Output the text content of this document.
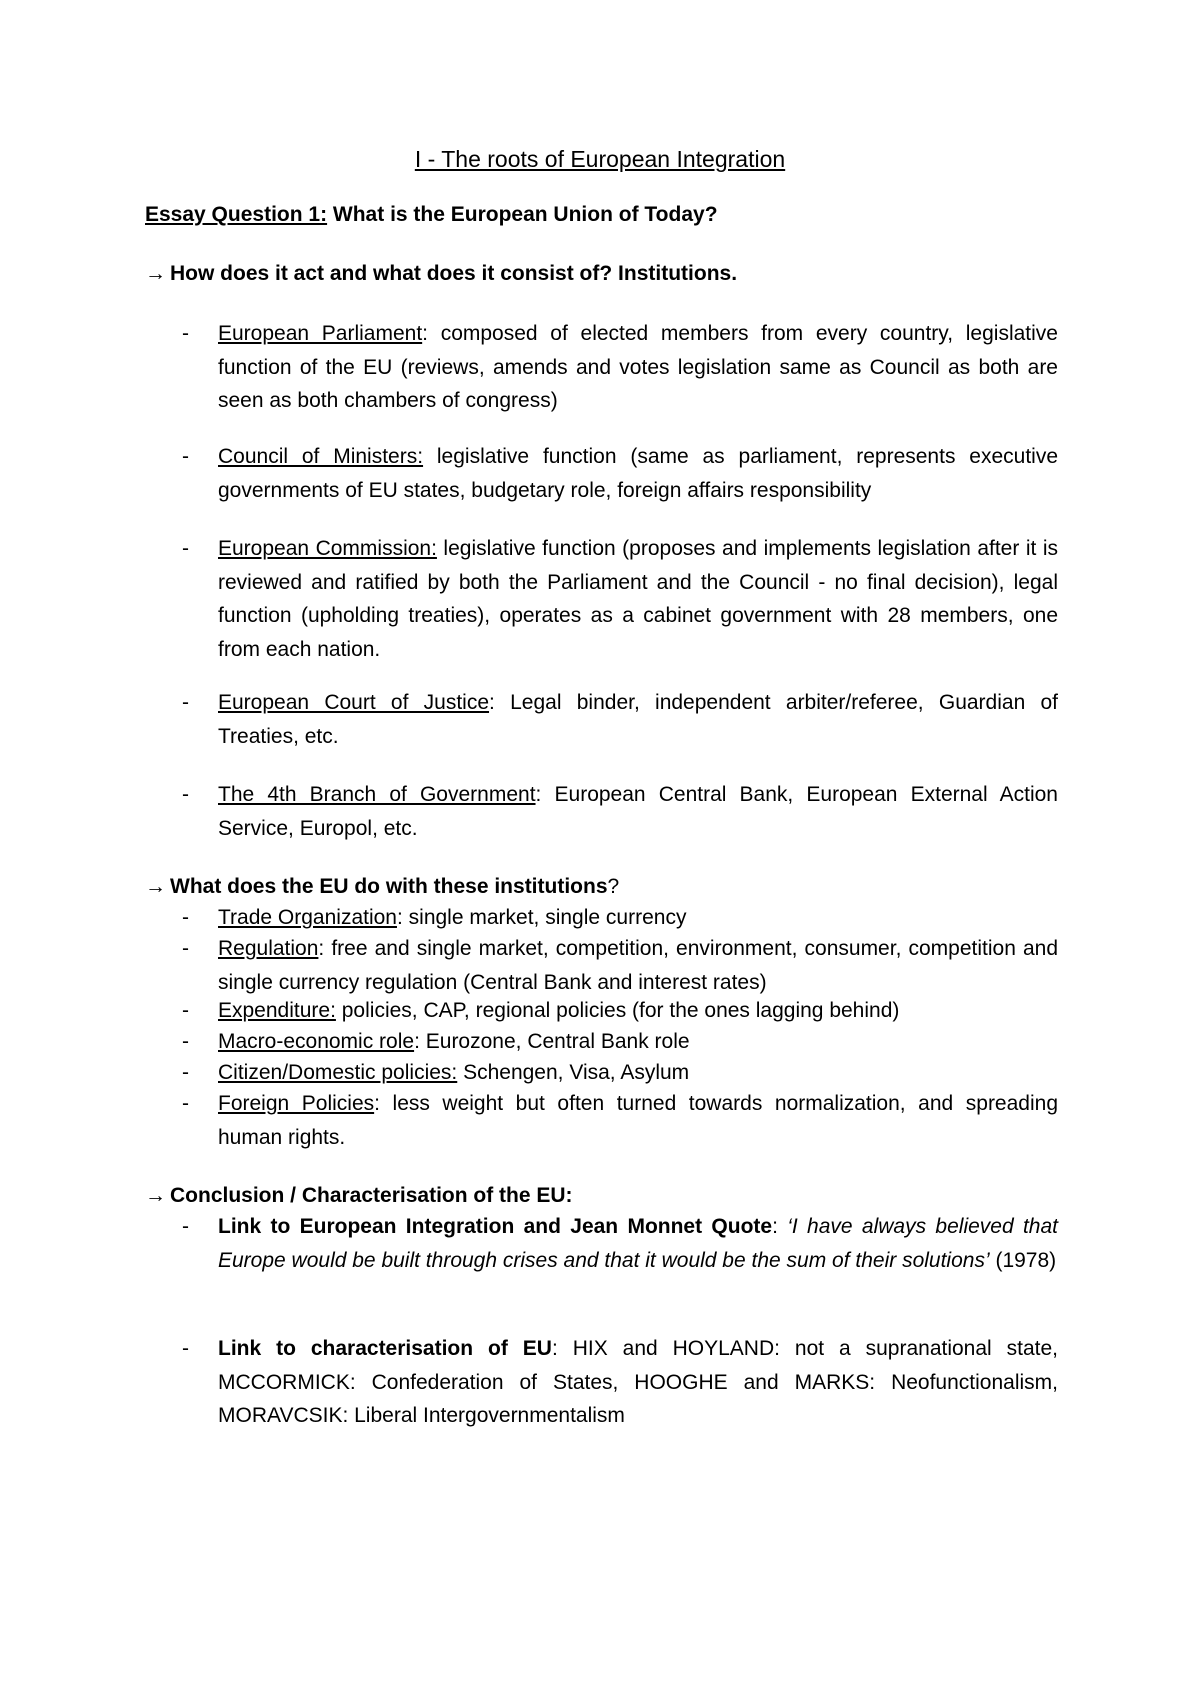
I - The roots of European Integration
Essay Question 1: What is the European Union of Today?
→ How does it act and what does it consist of? Institutions.
- European Parliament: composed of elected members from every country, legislative function of the EU (reviews, amends and votes legislation same as Council as both are seen as both chambers of congress)
- Council of Ministers: legislative function (same as parliament, represents executive governments of EU states, budgetary role, foreign affairs responsibility
- European Commission: legislative function (proposes and implements legislation after it is reviewed and ratified by both the Parliament and the Council - no final decision), legal function (upholding treaties), operates as a cabinet government with 28 members, one from each nation.
- European Court of Justice: Legal binder, independent arbiter/referee, Guardian of Treaties, etc.
- The 4th Branch of Government: European Central Bank, European External Action Service, Europol, etc.
→ What does the EU do with these institutions?
- Trade Organization: single market, single currency
- Regulation: free and single market, competition, environment, consumer, competition and single currency regulation (Central Bank and interest rates)
- Expenditure: policies, CAP, regional policies (for the ones lagging behind)
- Macro-economic role: Eurozone, Central Bank role
- Citizen/Domestic policies: Schengen, Visa, Asylum
- Foreign Policies: less weight but often turned towards normalization, and spreading human rights.
→ Conclusion / Characterisation of the EU:
- Link to European Integration and Jean Monnet Quote: ‘I have always believed that Europe would be built through crises and that it would be the sum of their solutions’ (1978)
- Link to characterisation of EU: HIX and HOYLAND: not a supranational state, MCCORMICK: Confederation of States, HOOGHE and MARKS: Neofunctionalism, MORAVCSIK: Liberal Intergovernmentalism
